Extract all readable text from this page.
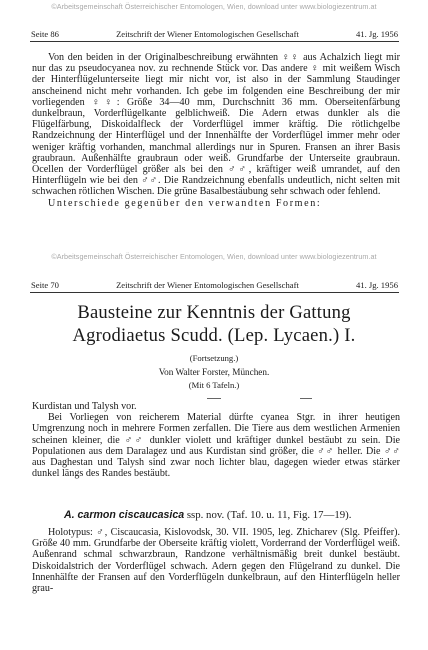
©Arbeitsgemeinschaft Österreichischer Entomologen, Wien, download unter www.biologiezentrum.at
Seite 86	Zeitschrift der Wiener Entomologischen Gesellschaft	41. Jg. 1956

Von den beiden in der Originalbeschreibung erwähnten ♀♀ aus Achalzich liegt mir nur das zu pseudocyanea nov. zu rechnende Stück vor. Das andere ♀ mit weißem Wisch der Hinterflügelunterseite liegt mir nicht vor, ist also in der Sammlung Staudinger anscheinend nicht mehr vorhanden. Ich gebe im folgenden eine Beschreibung der mir vorliegenden ♀♀: Größe 34—40 mm, Durchschnitt 36 mm. Oberseitenfärbung dunkelbraun, Vorderflügelkante gelblichweiß. Die Adern etwas dunkler als die Flügelfärbung, Diskoidalfleck der Vorderflügel immer kräftig. Die rötlichgelbe Randzeichnung der Hinterflügel und der Innenhälfte der Vorderflügel immer mehr oder weniger kräftig vorhanden, manchmal allerdings nur in Spuren. Fransen an ihrer Basis graubraun. Außenhälfte graubraun oder weiß. Grundfarbe der Unterseite graubraun. Ocellen der Vorderflügel größer als bei den ♂♂, kräftiger weiß umrandet, auf den Hinterflügeln wie bei den ♂♂. Die Randzeichnung ebenfalls undeutlich, nicht selten mit schwachen rötlichen Wischen. Die grüne Basalbestäubung sehr schwach oder fehlend.

Unterschiede gegenüber den verwandten Formen:

©Arbeitsgemeinschaft Österreichischer Entomologen, Wien, download unter www.biologiezentrum.at
Seite 70	Zeitschrift der Wiener Entomologischen Gesellschaft	41. Jg. 1956
Bausteine zur Kenntnis der Gattung
Agrodiaetus Scudd. (Lep. Lycaen.) I.
(Fortsetzung.)
Von Walter Forster, München.
(Mit 6 Tafeln.)

Kurdistan und Talysh vor.

Bei Vorliegen von reicherem Material dürfte cyanea Stgr. in ihrer heutigen Umgrenzung noch in mehrere Formen zerfallen. Die Tiere aus dem westlichen Armenien scheinen kleiner, die ♂♂ dunkler violett und kräftiger dunkel bestäubt zu sein. Die Populationen aus dem Daralagez und aus Kurdistan sind größer, die ♂♂ heller. Die ♂♂ aus Daghestan und Talysh sind zwar noch lichter blau, dagegen wieder etwas stärker dunkel längs des Randes bestäubt.

A. carmon ciscaucasica ssp. nov. (Taf. 10. u. 11, Fig. 17—19).

Holotypus: ♂, Ciscaucasia, Kislovodsk, 30. VII. 1905, leg. Zhicharev (Slg. Pfeiffer). Größe 40 mm. Grundfarbe der Oberseite kräftig violett, Vorderrand der Vorderflügel weiß. Außenrand schmal schwarzbraun, Randzone verhältnismäßig breit dunkel bestäubt. Diskoidalstrich der Vorderflügel schwach. Adern gegen den Flügelrand zu dunkel. Die Innenhälfte der Fransen auf den Vorderflügeln dunkelbraun, auf den Hinterflügeln heller grau-
